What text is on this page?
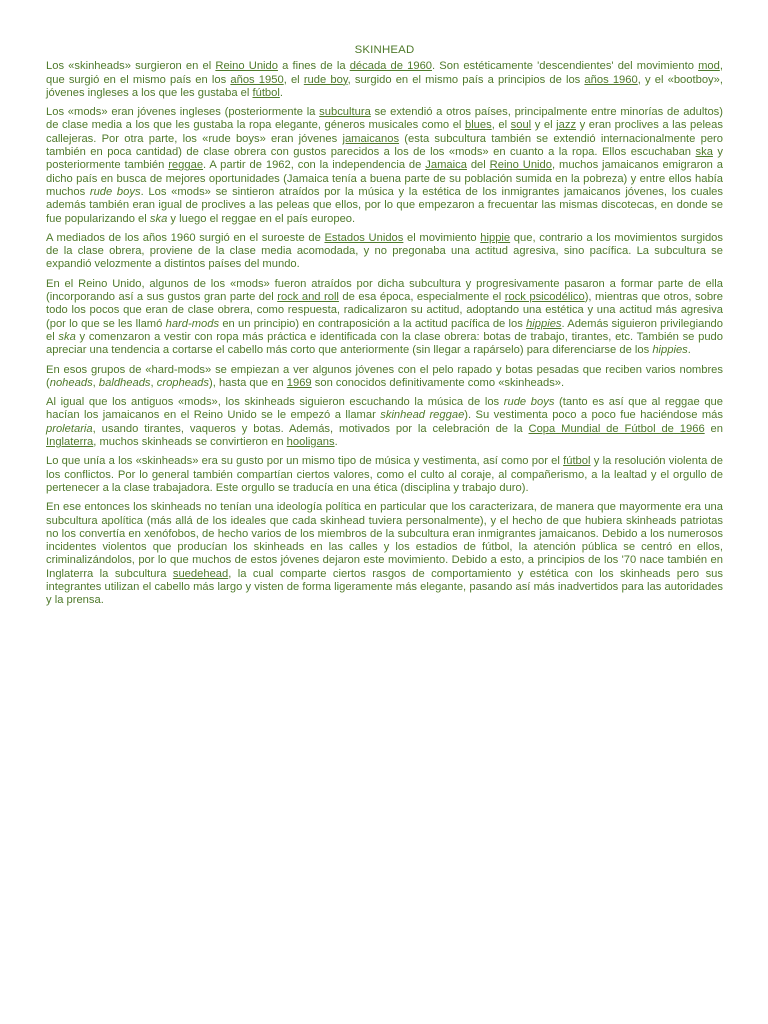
SKINHEAD

Los «skinheads» surgieron en el Reino Unido a fines de la década de 1960. Son estéticamente 'descendientes' del movimiento mod, que surgió en el mismo país en los años 1950, el rude boy, surgido en el mismo país a principios de los años 1960, y el «bootboy», jóvenes ingleses a los que les gustaba el fútbol.

Los «mods» eran jóvenes ingleses (posteriormente la subcultura se extendió a otros países, principalmente entre minorías de adultos) de clase media a los que les gustaba la ropa elegante, géneros musicales como el blues, el soul y el jazz y eran proclives a las peleas callejeras. Por otra parte, los «rude boys» eran jóvenes jamaicanos (esta subcultura también se extendió internacionalmente pero también en poca cantidad) de clase obrera con gustos parecidos a los de los «mods» en cuanto a la ropa. Ellos escuchaban ska y posteriormente también reggae. A partir de 1962, con la independencia de Jamaica del Reino Unido, muchos jamaicanos emigraron a dicho país en busca de mejores oportunidades (Jamaica tenía a buena parte de su población sumida en la pobreza) y entre ellos había muchos rude boys. Los «mods» se sintieron atraídos por la música y la estética de los inmigrantes jamaicanos jóvenes, los cuales además también eran igual de proclives a las peleas que ellos, por lo que empezaron a frecuentar las mismas discotecas, en donde se fue popularizando el ska y luego el reggae en el país europeo.

A mediados de los años 1960 surgió en el suroeste de Estados Unidos el movimiento hippie que, contrario a los movimientos surgidos de la clase obrera, proviene de la clase media acomodada, y no pregonaba una actitud agresiva, sino pacífica. La subcultura se expandió velozmente a distintos países del mundo.

En el Reino Unido, algunos de los «mods» fueron atraídos por dicha subcultura y progresivamente pasaron a formar parte de ella (incorporando así a sus gustos gran parte del rock and roll de esa época, especialmente el rock psicodélico), mientras que otros, sobre todo los pocos que eran de clase obrera, como respuesta, radicalizaron su actitud, adoptando una estética y una actitud más agresiva (por lo que se les llamó hard-mods en un principio) en contraposición a la actitud pacífica de los hippies. Además siguieron privilegiando el ska y comenzaron a vestir con ropa más práctica e identificada con la clase obrera: botas de trabajo, tirantes, etc. También se pudo apreciar una tendencia a cortarse el cabello más corto que anteriormente (sin llegar a rapárselo) para diferenciarse de los hippies.

En esos grupos de «hard-mods» se empiezan a ver algunos jóvenes con el pelo rapado y botas pesadas que reciben varios nombres (noheads, baldheads, cropheads), hasta que en 1969 son conocidos definitivamente como «skinheads».

Al igual que los antiguos «mods», los skinheads siguieron escuchando la música de los rude boys (tanto es así que al reggae que hacían los jamaicanos en el Reino Unido se le empezó a llamar skinhead reggae). Su vestimenta poco a poco fue haciéndose más proletaria, usando tirantes, vaqueros y botas. Además, motivados por la celebración de la Copa Mundial de Fútbol de 1966 en Inglaterra, muchos skinheads se convirtieron en hooligans.

Lo que unía a los «skinheads» era su gusto por un mismo tipo de música y vestimenta, así como por el fútbol y la resolución violenta de los conflictos. Por lo general también compartían ciertos valores, como el culto al coraje, al compañerismo, a la lealtad y el orgullo de pertenecer a la clase trabajadora. Este orgullo se traducía en una ética (disciplina y trabajo duro).

En ese entonces los skinheads no tenían una ideología política en particular que los caracterizara, de manera que mayormente era una subcultura apolítica (más allá de los ideales que cada skinhead tuviera personalmente), y el hecho de que hubiera skinheads patriotas no los convertía en xenófobos, de hecho varios de los miembros de la subcultura eran inmigrantes jamaicanos. Debido a los numerosos incidentes violentos que producían los skinheads en las calles y los estadios de fútbol, la atención pública se centró en ellos, criminalizándolos, por lo que muchos de estos jóvenes dejaron este movimiento. Debido a esto, a principios de los '70 nace también en Inglaterra la subcultura suedehead, la cual comparte ciertos rasgos de comportamiento y estética con los skinheads pero sus integrantes utilizan el cabello más largo y visten de forma ligeramente más elegante, pasando así más inadvertidos para las autoridades y la prensa.
